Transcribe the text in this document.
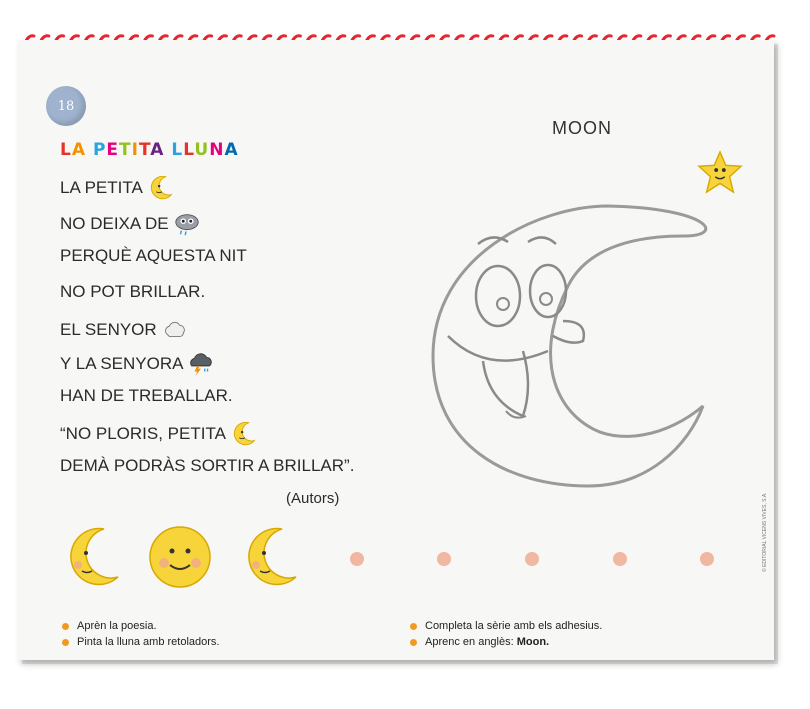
18
LA PETITA LLUNA
LA PETITA
NO DEIXA DE
PERQUÈ AQUESTA NIT
NO POT BRILLAR.
EL SENYOR
Y LA SENYORA
HAN DE TREBALLAR.
“NO PLORIS, PETITA
DEMÀ PODRÀS SORTIR A BRILLAR”.
(Autors)
MOON
Aprèn la poesia.
Pinta la lluna amb retoladors.
Completa la sèrie amb els adhesius.
Aprenc en anglès: Moon.
© EDITORIAL VICENS VIVES, S.A.
